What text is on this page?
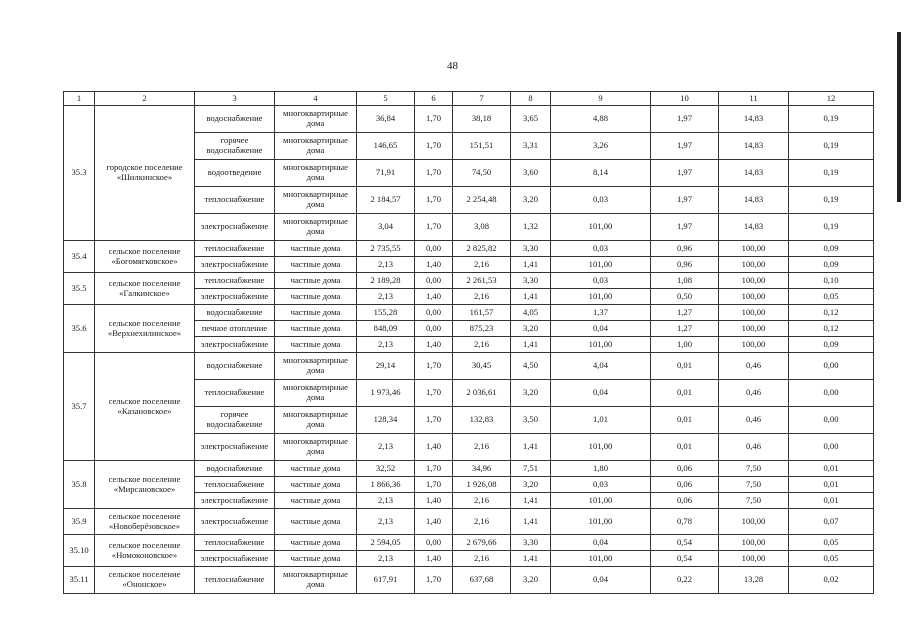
48
1	2	3	4	5	6	7	8	9	10	11	12
35.3	городское поселение «Шилкинское»	водоснабжение	многоквартирные дома	36,84	1,70	38,18	3,65	4,88	1,97	14,83	0,19
		горячее водоснабжение	многоквартирные дома	146,65	1,70	151,51	3,31	3,26	1,97	14,83	0,19
		водоотведение	многоквартирные дома	71,91	1,70	74,50	3,60	8,14	1,97	14,83	0,19
		теплоснабжение	многоквартирные дома	2 184,57	1,70	2 254,48	3,20	0,03	1,97	14,83	0,19
		электроснабжение	многоквартирные дома	3,04	1,70	3,08	1,32	101,00	1,97	14,83	0,19
35.4	сельское поселение «Богомягковское»	теплоснабжение	частные дома	2 735,55	0,00	2 825,82	3,30	0,03	0,96	100,00	0,09
		электроснабжение	частные дома	2,13	1,40	2,16	1,41	101,00	0,96	100,00	0,09
35.5	сельское поселение «Галкинское»	теплоснабжение	частные дома	2 189,28	0,00	2 261,53	3,30	0,03	1,08	100,00	0,10
		электроснабжение	частные дома	2,13	1,40	2,16	1,41	101,00	0,50	100,00	0,05
35.6	сельское поселение «Верхнехилинское»	водоснабжение	частные дома	155,28	0,00	161,57	4,05	1,37	1,27	100,00	0,12
		печное отопление	частные дома	848,09	0,00	875,23	3,20	0,04	1,27	100,00	0,12
		электроснабжение	частные дома	2,13	1,40	2,16	1,41	101,00	1,00	100,00	0,09
35.7	сельское поселение «Казановское»	водоснабжение	многоквартирные дома	29,14	1,70	30,45	4,50	4,04	0,01	0,46	0,00
		теплоснабжение	многоквартирные дома	1 973,46	1,70	2 036,61	3,20	0,04	0,01	0,46	0,00
		горячее водоснабжение	многоквартирные дома	128,34	1,70	132,83	3,50	1,01	0,01	0,46	0,00
		электроснабжение	многоквартирные дома	2,13	1,40	2,16	1,41	101,00	0,01	0,46	0,00
35.8	сельское поселение «Мирсановское»	водоснабжение	частные дома	32,52	1,70	34,96	7,51	1,80	0,06	7,50	0,01
		теплоснабжение	частные дома	1 866,36	1,70	1 926,08	3,20	0,03	0,06	7,50	0,01
		электроснабжение	частные дома	2,13	1,40	2,16	1,41	101,00	0,06	7,50	0,01
35.9	сельское поселение «Новоберёзовское»	электроснабжение	частные дома	2,13	1,40	2,16	1,41	101,00	0,78	100,00	0,07
35.10	сельское поселение «Номоконовское»	теплоснабжение	частные дома	2 594,05	0,00	2 679,66	3,30	0,04	0,54	100,00	0,05
		электроснабжение	частные дома	2,13	1,40	2,16	1,41	101,00	0,54	100,00	0,05
35.11	сельское поселение «Ононское»	теплоснабжение	многоквартирные дома	617,91	1,70	637,68	3,20	0,04	0,22	13,28	0,02
